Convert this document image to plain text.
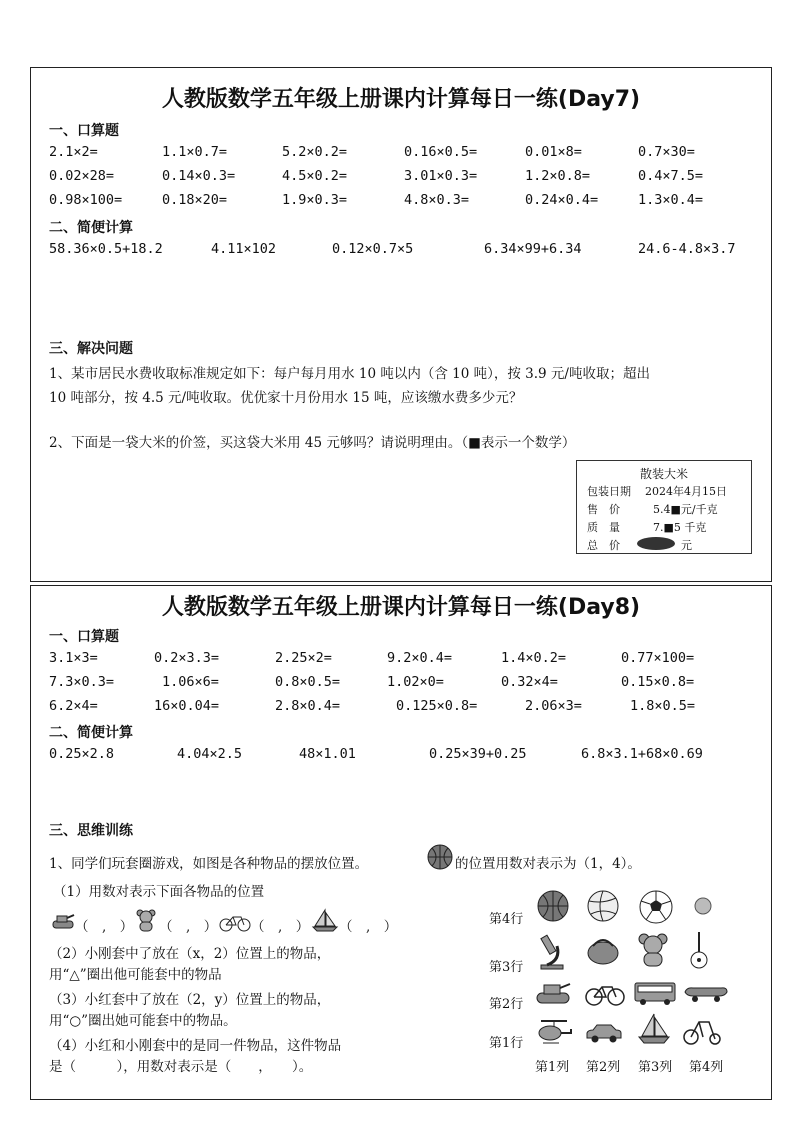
人教版数学五年级上册课内计算每日一练(Day7)
一、口算题
2.1×2=	1.1×0.7=	5.2×0.2=	0.16×0.5=	0.01×8=	0.7×30=
0.02×28=	0.14×0.3=	4.5×0.2=	3.01×0.3=	1.2×0.8=	0.4×7.5=
0.98×100=	0.18×20=	1.9×0.3=	4.8×0.3=	0.24×0.4=	1.3×0.4=
二、简便计算
58.36×0.5+18.2	4.11×102	0.12×0.7×5	6.34×99+6.34	24.6-4.8×3.7
三、解决问题
1、某市居民水费收取标准规定如下：每户每月用水 10 吨以内（含 10 吨），按 3.9 元/吨收取；超出
10 吨部分，按 4.5 元/吨收取。优优家十月份用水 15 吨，应该缴水费多少元？
2、下面是一袋大米的价签，买这袋大米用 45 元够吗？请说明理由。（■表示一个数学）
散装大米
包装日期 2024年4月15日
售　价	5.4■元/千克
质　量	7.■5 千克
总　价	元
人教版数学五年级上册课内计算每日一练(Day8)
一、口算题
3.1×3=	0.2×3.3=	2.25×2=	9.2×0.4=	1.4×0.2=	0.77×100=
7.3×0.3=	1.06×6=	0.8×0.5=	1.02×0=	0.32×4=	0.15×0.8=
6.2×4=	16×0.04=	2.8×0.4=	0.125×0.8=	2.06×3=	1.8×0.5=
二、简便计算
0.25×2.8	4.04×2.5	48×1.01	0.25×39+0.25	6.8×3.1+68×0.69
三、思维训练
1、同学们玩套圈游戏，如图是各种物品的摆放位置。	的位置用数对表示为（1，4）。
（1）用数对表示下面各物品的位置
（　,　） （　,　） （　,　） （　,　）
（2）小刚套中了放在（x，2）位置上的物品，
用“△”圈出他可能套中的物品
（3）小红套中了放在（2，y）位置上的物品，
用“○”圈出她可能套中的物品。
（4）小红和小刚套中的是同一件物品，这件物品
是（　　　），用数对表示是（　　，　　）。
第4行
第3行
第2行
第1行
第1列 第2列 第3列 第4列
